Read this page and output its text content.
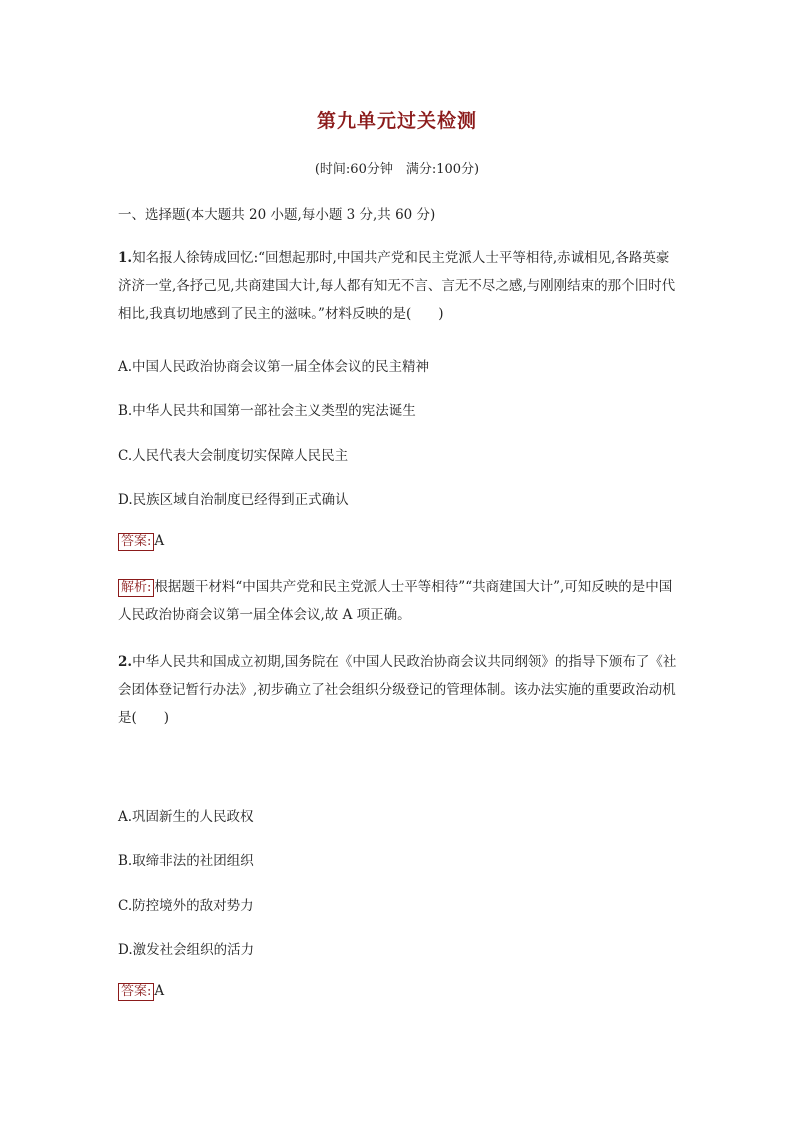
第九单元过关检测
(时间:60分钟　满分:100分)
一、选择题(本大题共 20 小题,每小题 3 分,共 60 分)
1.知名报人徐铸成回忆:“回想起那时,中国共产党和民主党派人士平等相待,赤诚相见,各路英豪济济一堂,各抒己见,共商建国大计,每人都有知无不言、言无不尽之感,与刚刚结束的那个旧时代相比,我真切地感到了民主的滋味。”材料反映的是(　　)
A.中国人民政治协商会议第一届全体会议的民主精神
B.中华人民共和国第一部社会主义类型的宪法诞生
C.人民代表大会制度切实保障人民民主
D.民族区域自治制度已经得到正式确认
答案: A
解析: 根据题干材料“中国共产党和民主党派人士平等相待”“共商建国大计”,可知反映的是中国人民政治协商会议第一届全体会议,故 A 项正确。
2.中华人民共和国成立初期,国务院在《中国人民政治协商会议共同纲领》的指导下颁布了《社会团体登记暂行办法》,初步确立了社会组织分级登记的管理体制。该办法实施的重要政治动机是(　　)
A.巩固新生的人民政权
B.取缔非法的社团组织
C.防控境外的敌对势力
D.激发社会组织的活力
答案: A
